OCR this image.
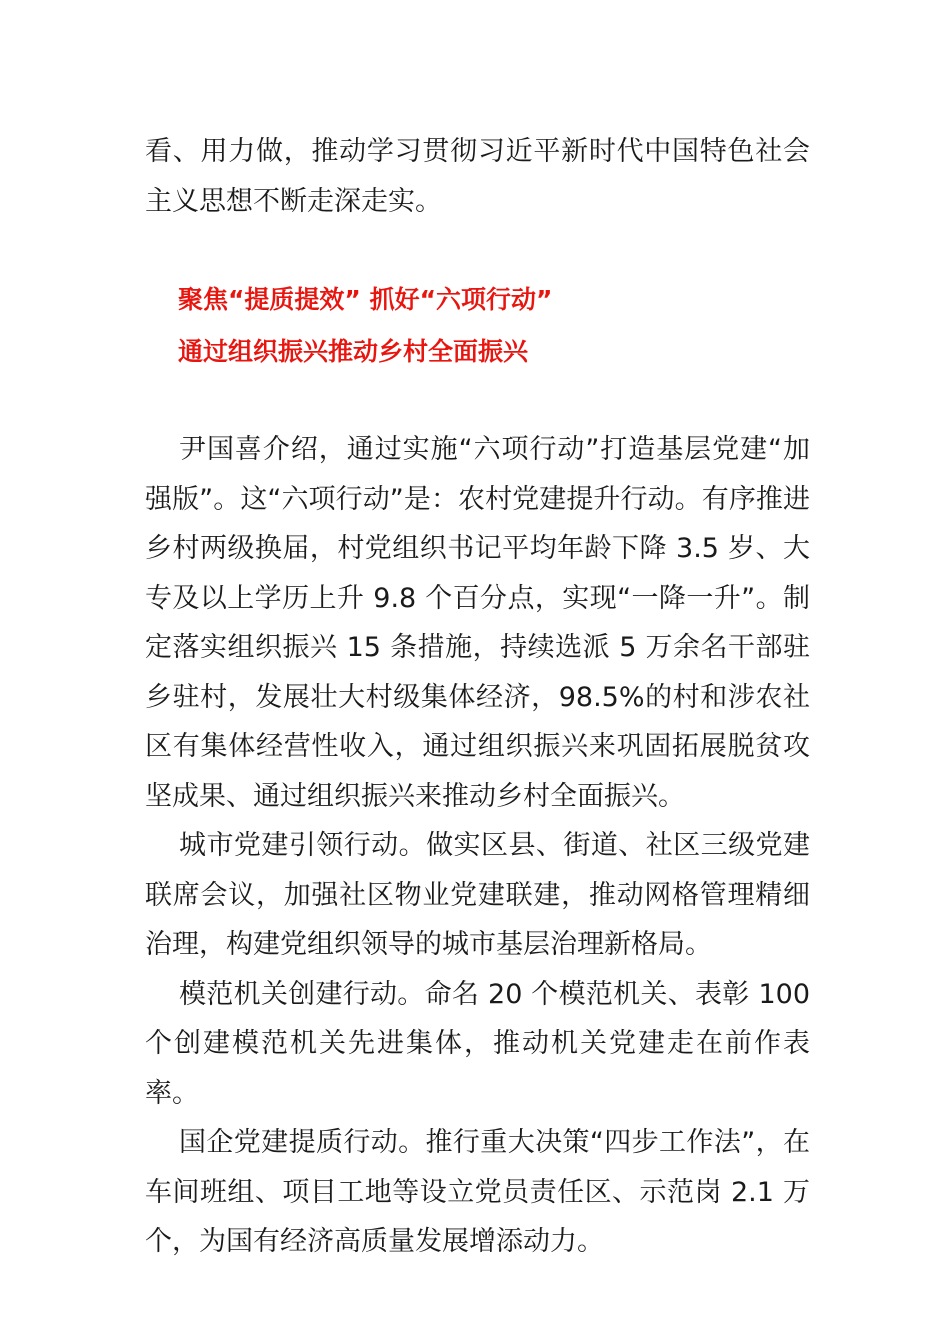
看、用力做，推动学习贯彻习近平新时代中国特色社会主义思想不断走深走实。

聚焦“提质提效” 抓好“六项行动”
通过组织振兴推动乡村全面振兴

尹国喜介绍，通过实施“六项行动”打造基层党建“加强版”。这“六项行动”是：农村党建提升行动。有序推进乡村两级换届，村党组织书记平均年龄下降 3.5 岁、大专及以上学历上升 9.8 个百分点，实现“一降一升”。制定落实组织振兴 15 条措施，持续选派 5 万余名干部驻乡驻村，发展壮大村级集体经济，98.5%的村和涉农社区有集体经营性收入，通过组织振兴来巩固拓展脱贫攻坚成果、通过组织振兴来推动乡村全面振兴。

城市党建引领行动。做实区县、街道、社区三级党建联席会议，加强社区物业党建联建，推动网格管理精细治理，构建党组织领导的城市基层治理新格局。

模范机关创建行动。命名 20 个模范机关、表彰 100 个创建模范机关先进集体，推动机关党建走在前作表率。

国企党建提质行动。推行重大决策“四步工作法”，在车间班组、项目工地等设立党员责任区、示范岗 2.1 万个，为国有经济高质量发展增添动力。
